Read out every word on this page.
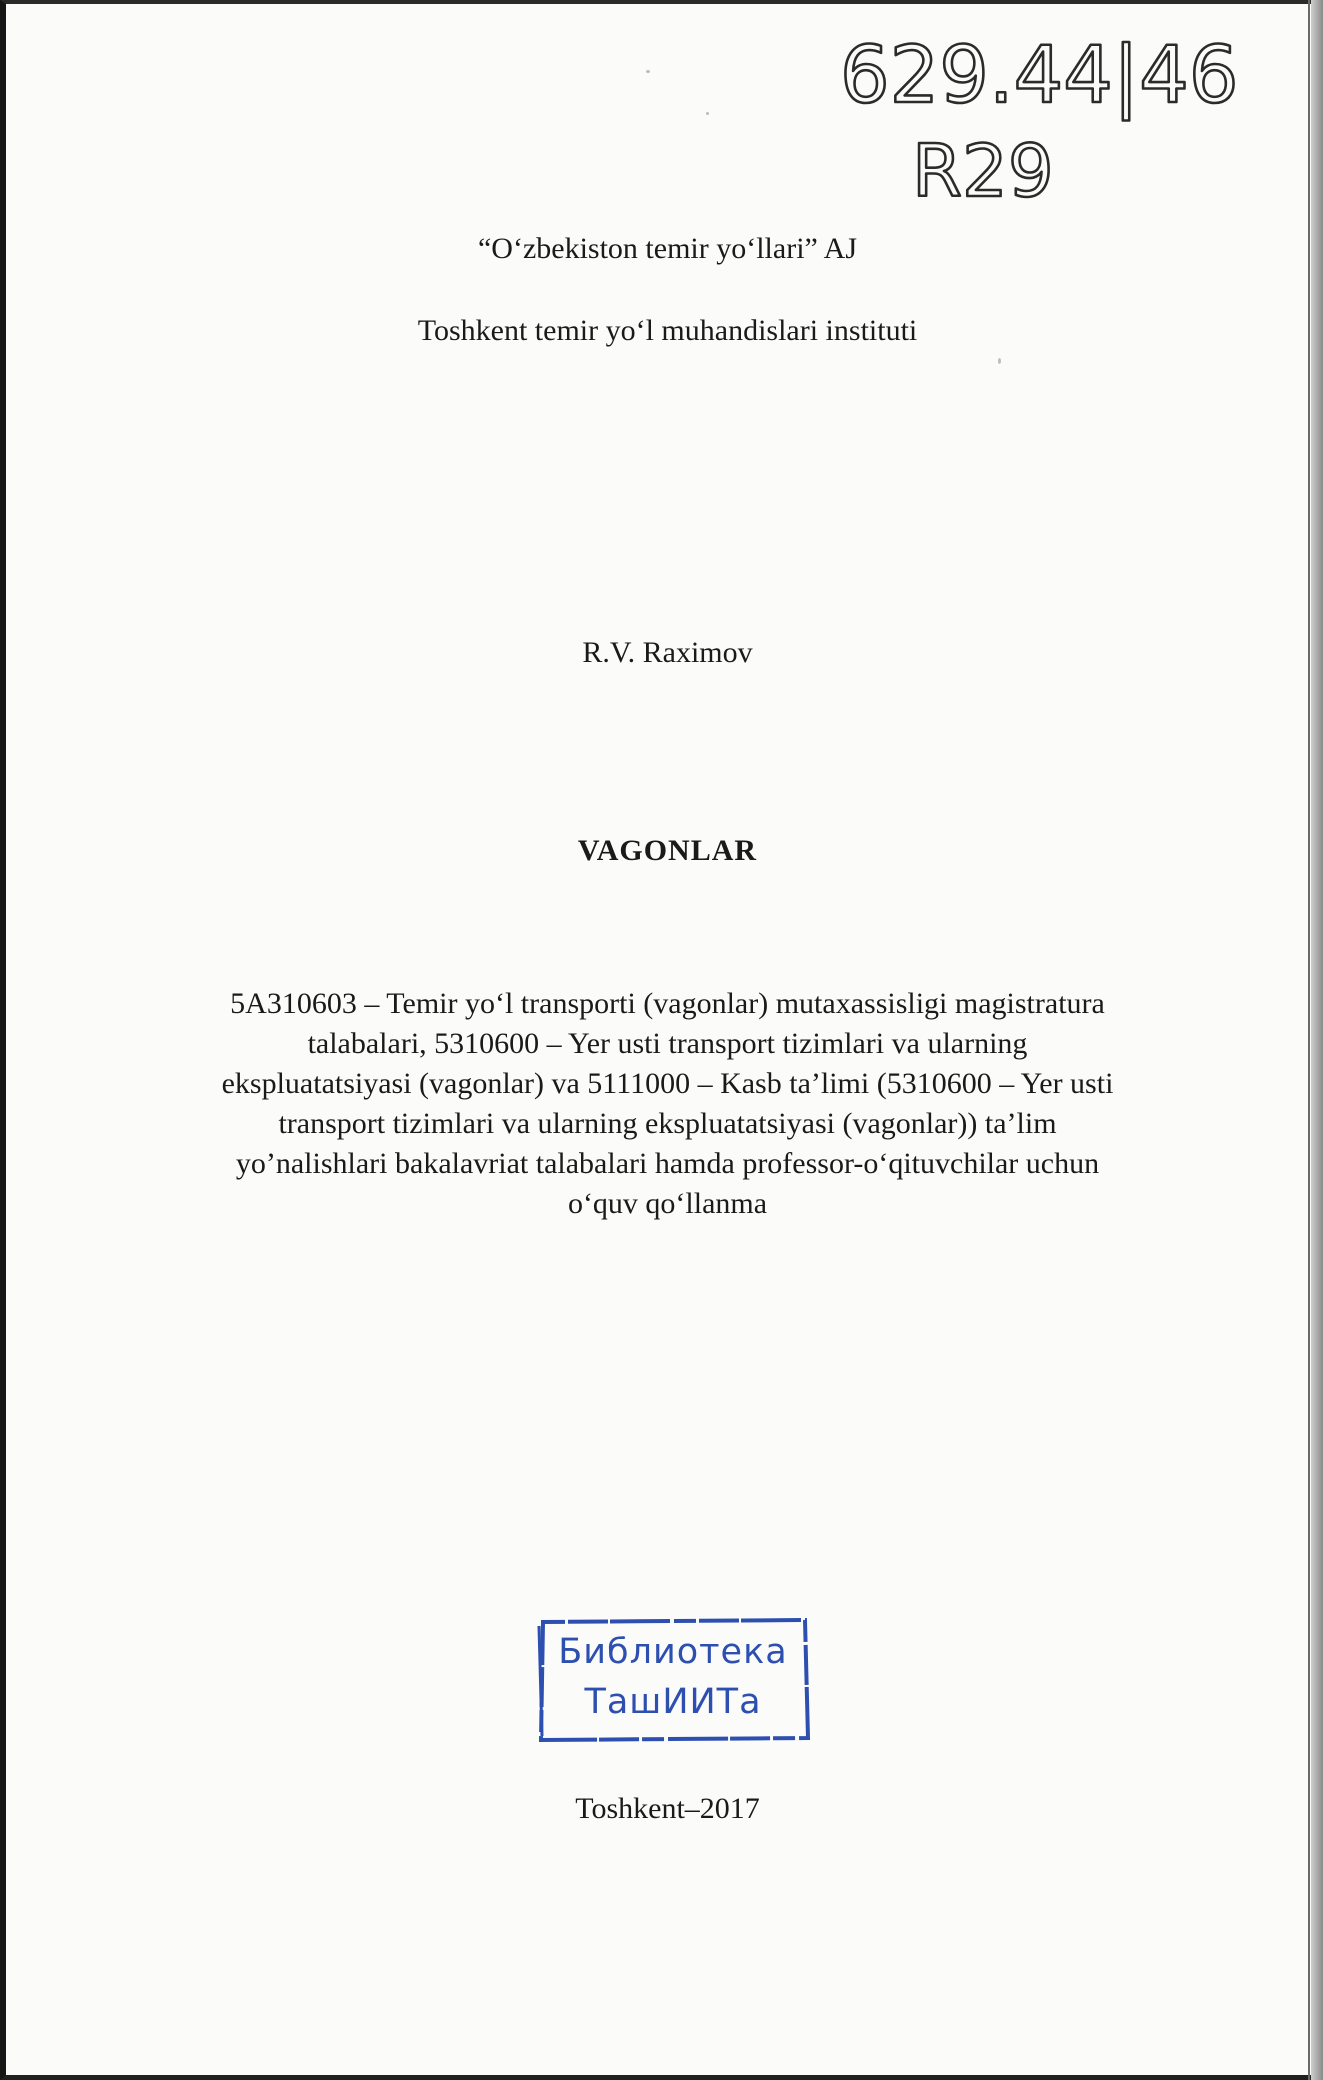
629.44|46
R29

“O‘zbekiston temir yo‘llari” AJ

Toshkent temir yo‘l muhandislari instituti

R.V. Raximov

VAGONLAR

5A310603 – Temir yo‘l transporti (vagonlar) mutaxassisligi magistratura
talabalari, 5310600 – Yer usti transport tizimlari va ularning
ekspluatatsiyasi (vagonlar) va 5111000 – Kasb ta’limi (5310600 – Yer usti
transport tizimlari va ularning ekspluatatsiyasi (vagonlar)) ta’lim
yo’nalishlari bakalavriat talabalari hamda professor-o‘qituvchilar uchun
o‘quv qo‘llanma

Библиотека
ТашИИТа

Toshkent–2017
